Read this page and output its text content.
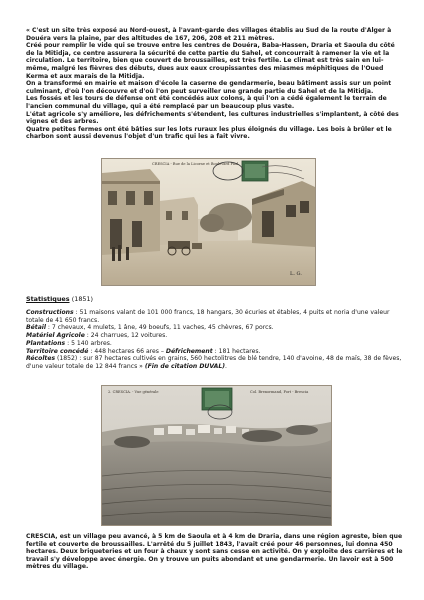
« C'est un site très exposé au Nord-ouest, à l'avant-garde des villages établis au Sud de la route d'Alger à Douéra vers la plaine, par des altitudes de 167, 206, 208 et 211 mètres.

Créé pour remplir le vide qui se trouve entre les centres de Douéra, Baba-Hassen, Draria et Saoula du côté de la Mitidja, ce centre assurera la sécurité de cette partie du Sahel, et concourrait à ramener la vie et la circulation. Le territoire, bien que couvert de broussailles, est très fertile. Le climat est très sain en lui-même, malgré les fièvres des débuts, dues aux eaux croupissantes des miasmes méphitiques de l'Oued Kerma et aux marais de la Mitidja.

On a transformé en mairie et maison d'école la caserne de gendarmerie, beau bâtiment assis sur un point culminant, d'où l'on découvre et d'où l'on peut surveiller une grande partie du Sahel et de la Mitidja.

Les fossés et les tours de défense ont été concédés aux colons, à qui l'on a cédé également le terrain de l'ancien communal du village, qui a été remplacé par un beaucoup plus vaste.

L'état agricole s'y améliore, les défrichements s'étendent, les cultures industrielles s'implantent, à côté des vignes et des arbres.

Quatre petites fermes ont été bâties sur les lots ruraux les plus éloignés du village. Les bois à brûler et le charbon sont aussi devenus l'objet d'un trafic qui les a fait vivre.

CRESCIA - Rue de la Licorne et Boulevard Paul
L. G.
Statistiques (1851)

Constructions : 51 maisons valant de 101 000 francs, 18 hangars, 30 écuries et étables, 4 puits et noria d'une valeur totale de 41 650 francs.

Bétail : 7 chevaux, 4 mulets, 1 âne, 49 boeufs, 11 vaches, 45 chèvres, 67 porcs.

Matériel Agricole : 24 charrues, 12 voitures.

Plantations : 5 140 arbres.

Territoire concédé : 448 hectares 66 ares – Défrichement : 181 hectares.

Récoltes (1852) : sur 87 hectares cultivés en grains, 560 hectolitres de blé tendre, 140 d'avoine, 48 de maïs, 38 de fèves, d'une valeur totale de 12 844 francs » (Fin de citation DUVAL).

2. CRESCIA. - Vue générale	Col. Brenormand, Fort - Brescia

CRESCIA, est un village peu avancé, à 5 km de Saoula et à 4 km de Draria, dans une région agreste, bien que fertile et couverte de broussailles. L'arrêté du 5 juillet 1843, l'avait créé pour 46 personnes, lui donna 450 hectares. Deux briqueteries et un four à chaux y sont sans cesse en activité. On y exploite des carrières et le travail s'y développe avec énergie. On y trouve un puits abondant et une gendarmerie. Un lavoir est à 500 mètres du village.
